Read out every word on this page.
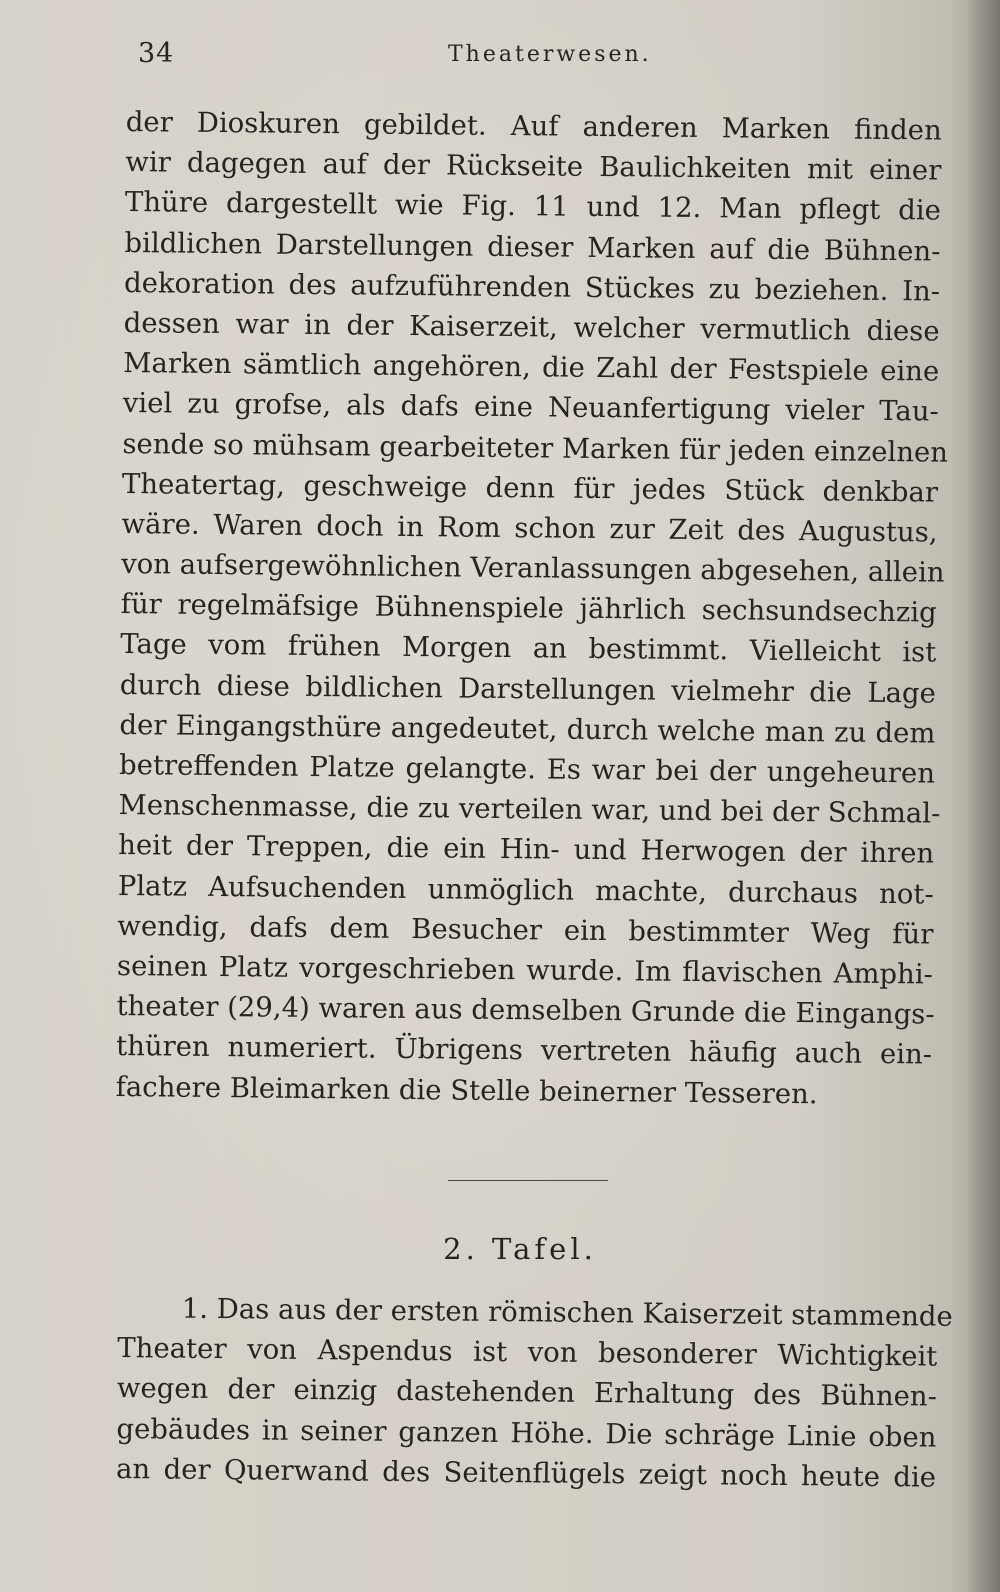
34	Theaterwesen.
der Dioskuren gebildet. Auf anderen Marken finden
wir dagegen auf der Rückseite Baulichkeiten mit einer
Thüre dargestellt wie Fig. 11 und 12. Man pflegt die
bildlichen Darstellungen dieser Marken auf die Bühnen-
dekoration des aufzuführenden Stückes zu beziehen. In-
dessen war in der Kaiserzeit, welcher vermutlich diese
Marken sämtlich angehören, die Zahl der Festspiele eine
viel zu grofse, als dafs eine Neuanfertigung vieler Tau-
sende so mühsam gearbeiteter Marken für jeden einzelnen
Theatertag, geschweige denn für jedes Stück denkbar
wäre. Waren doch in Rom schon zur Zeit des Augustus,
von aufsergewöhnlichen Veranlassungen abgesehen, allein
für regelmäfsige Bühnenspiele jährlich sechsundsechzig
Tage vom frühen Morgen an bestimmt. Vielleicht ist
durch diese bildlichen Darstellungen vielmehr die Lage
der Eingangsthüre angedeutet, durch welche man zu dem
betreffenden Platze gelangte. Es war bei der ungeheuren
Menschenmasse, die zu verteilen war, und bei der Schmal-
heit der Treppen, die ein Hin- und Herwogen der ihren
Platz Aufsuchenden unmöglich machte, durchaus not-
wendig, dafs dem Besucher ein bestimmter Weg für
seinen Platz vorgeschrieben wurde. Im flavischen Amphi-
theater (29,4) waren aus demselben Grunde die Eingangs-
thüren numeriert. Übrigens vertreten häufig auch ein-
fachere Bleimarken die Stelle beinerner Tesseren.
2. Tafel.
1. Das aus der ersten römischen Kaiserzeit stammende
Theater von Aspendus ist von besonderer Wichtigkeit
wegen der einzig dastehenden Erhaltung des Bühnen-
gebäudes in seiner ganzen Höhe. Die schräge Linie oben
an der Querwand des Seitenflügels zeigt noch heute die
